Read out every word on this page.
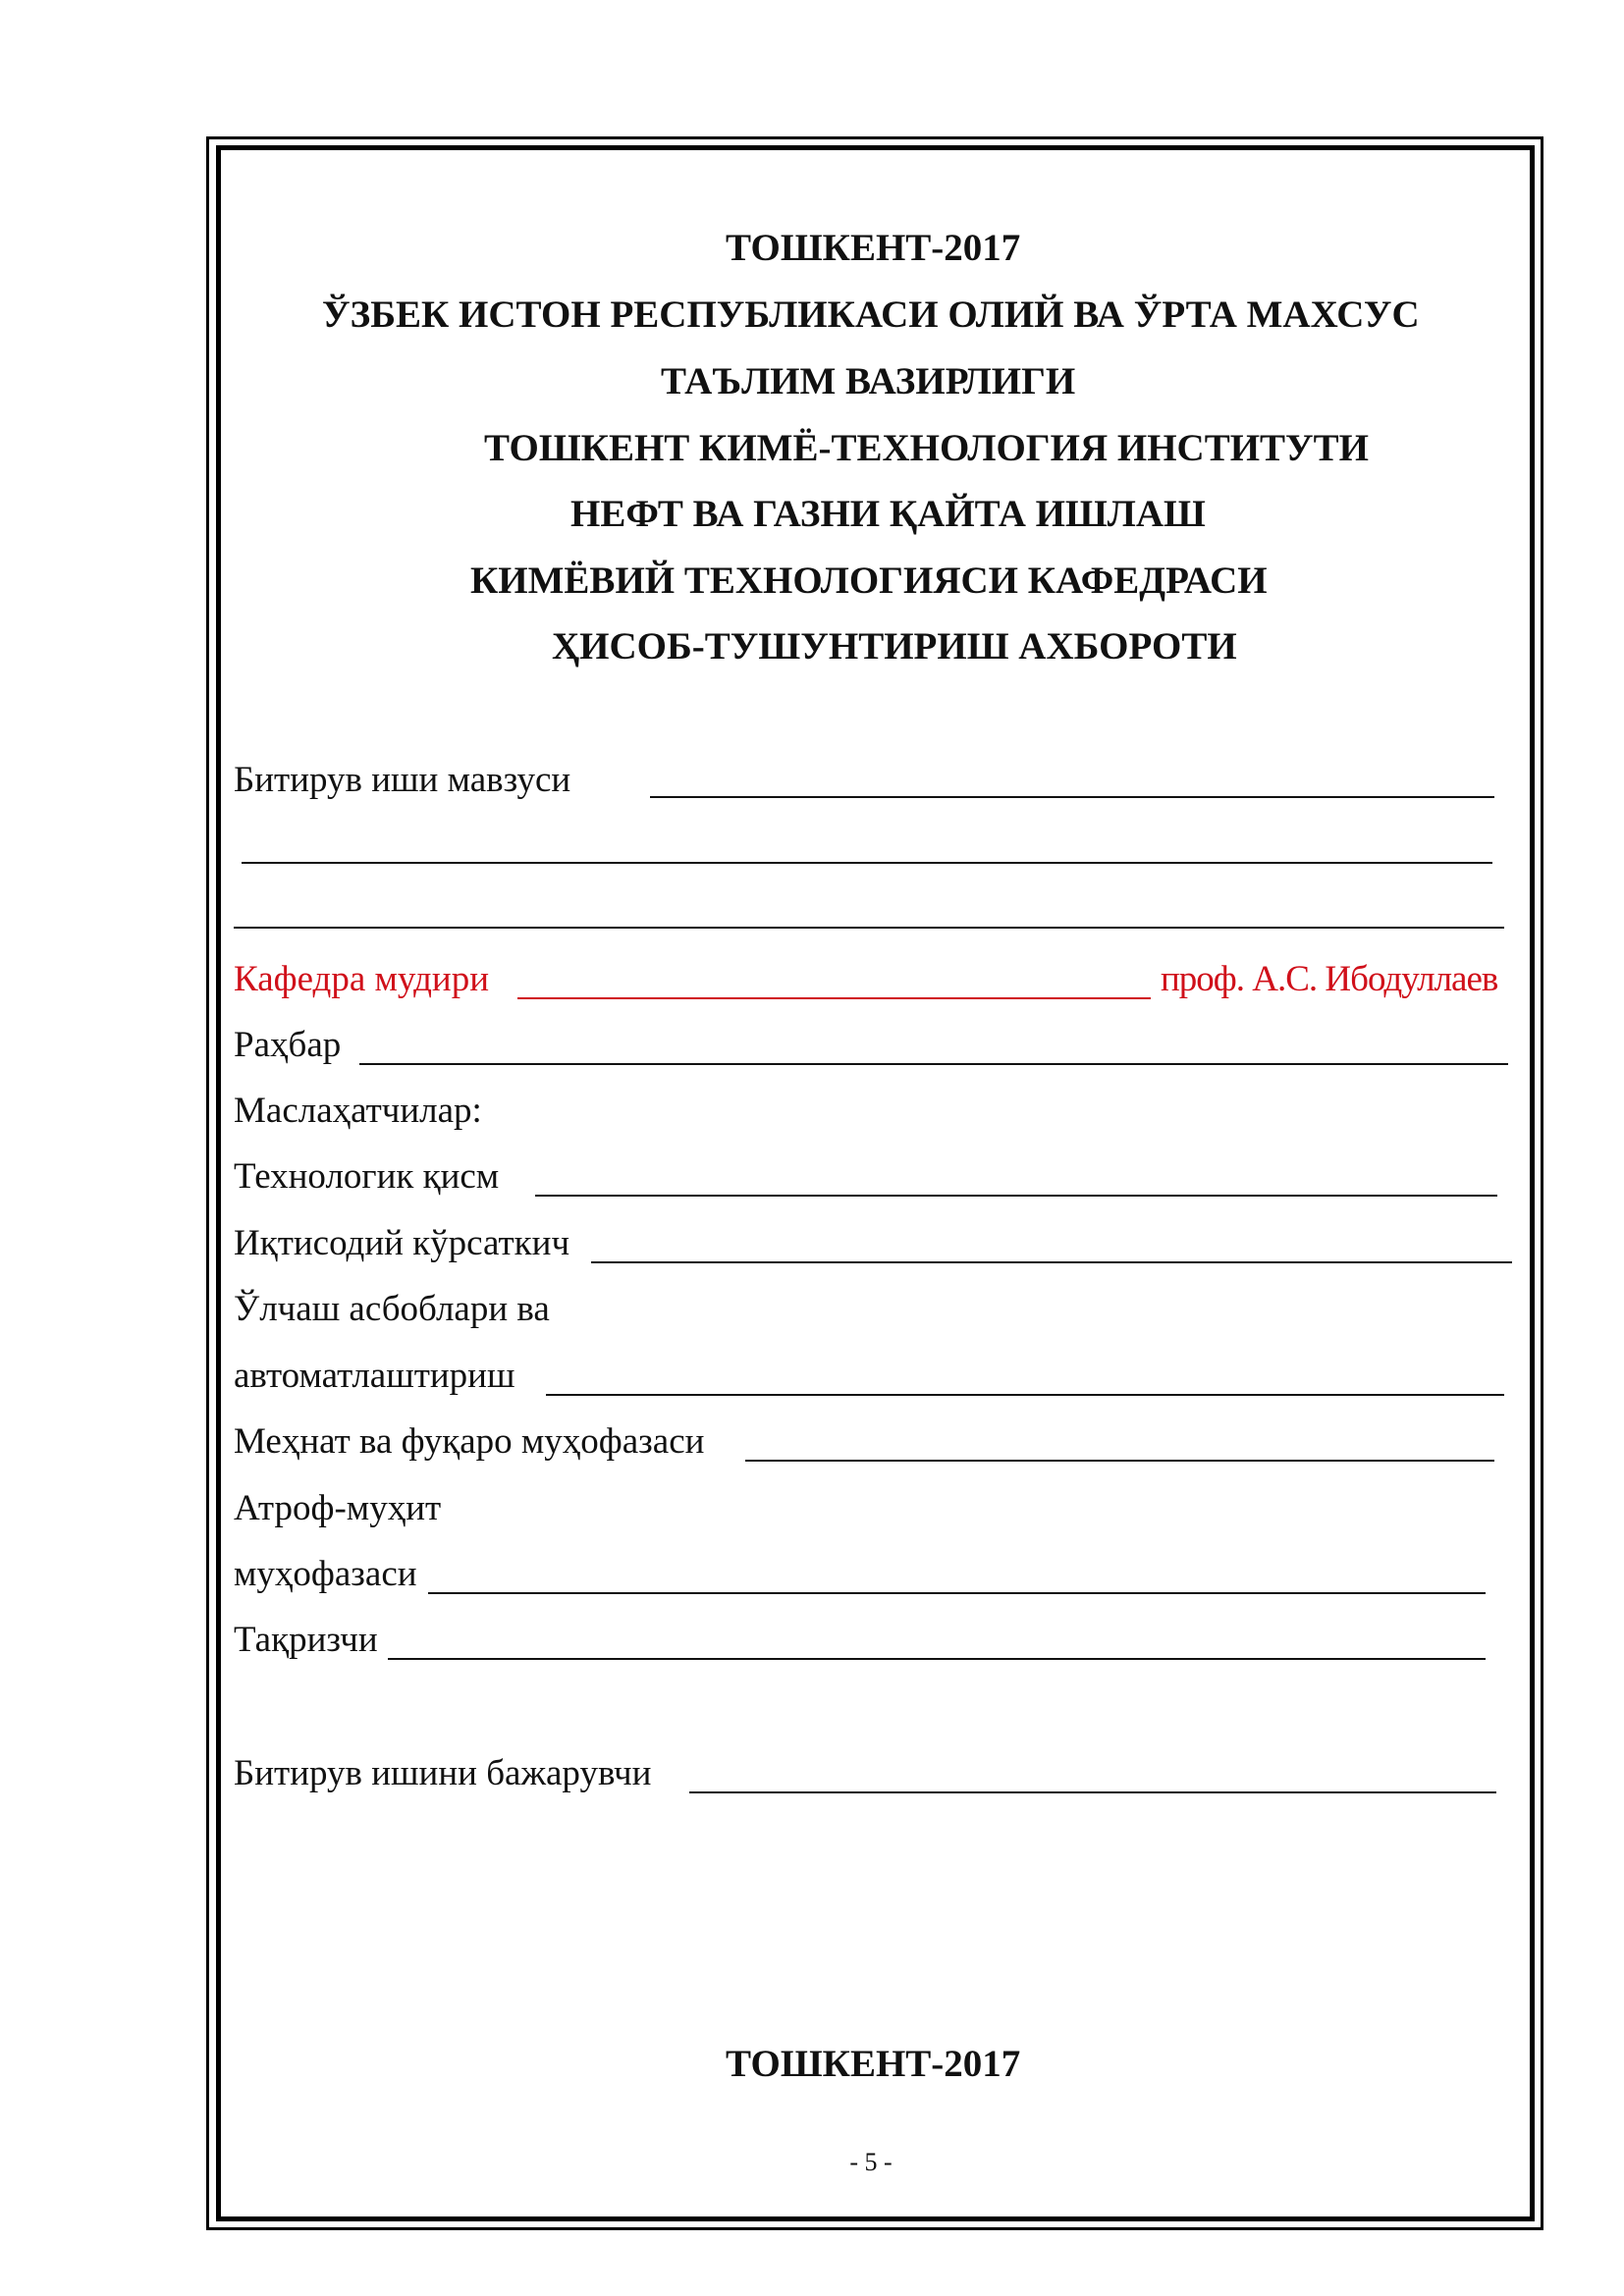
ТОШКЕНТ-2017
ЎЗБЕК ИСТОН РЕСПУБЛИКАСИ ОЛИЙ ВА ЎРТА МАХСУС
ТАЪЛИМ ВАЗИРЛИГИ
ТОШКЕНТ КИМЁ-ТЕХНОЛОГИЯ ИНСТИТУТИ
НЕФТ ВА ГАЗНИ ҚАЙТА ИШЛАШ
КИМЁВИЙ ТЕХНОЛОГИЯСИ КАФЕДРАСИ
ҲИСОБ-ТУШУНТИРИШ АХБОРОТИ
Битирув иши мавзуси
Кафедра мудири	проф. А.С. Ибодуллаев
Раҳбар
Маслаҳатчилар:
Технологик қисм
Иқтисодий кўрсаткич
Ўлчаш асбоблари ва
автоматлаштириш
Меҳнат ва фуқаро муҳофазаси
Атроф-муҳит
муҳофазаси
Тақризчи
Битирув ишини бажарувчи
ТОШКЕНТ-2017
- 5 -
